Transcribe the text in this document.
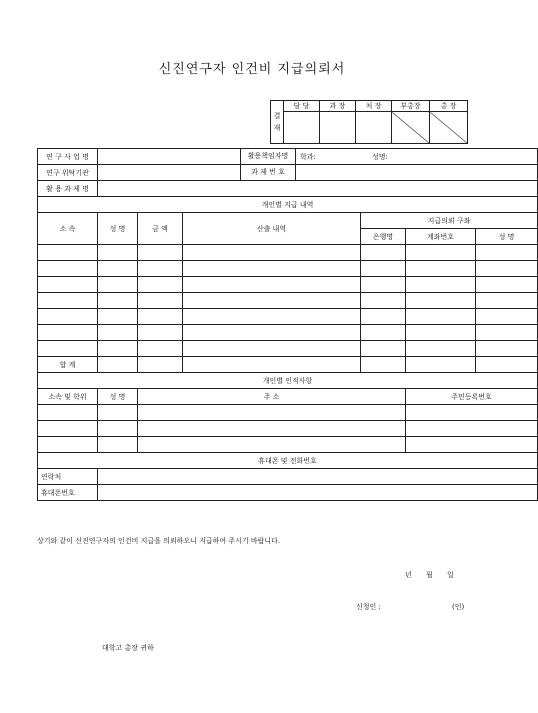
신진연구자 인건비 지급의뢰서
결 재	담 당	과 장	처 장	부총장	총 장

연 구 사 업 명				활용책임자명 학과: 성명:			

연구 위탁기관				과 제 번 호			

활 용 과 제 명							
개인별 지급 내역							
소 속	성 명	금 액	산출 내역		지급의뢰 구좌		
					은행명	계좌번호	성 명

합 계							
개인별 인적사항							
소속 및 학위	성 명	주 소				주민등록번호	

휴대폰 및 전화번호							
연락처							
휴대폰번호							
상기와 같이 신진연구자의 인건비 지급을 의뢰하오니 지급하여 주시기 바랍니다.
년 월 일
신청인 :	(인)
대학고 총장 귀하
